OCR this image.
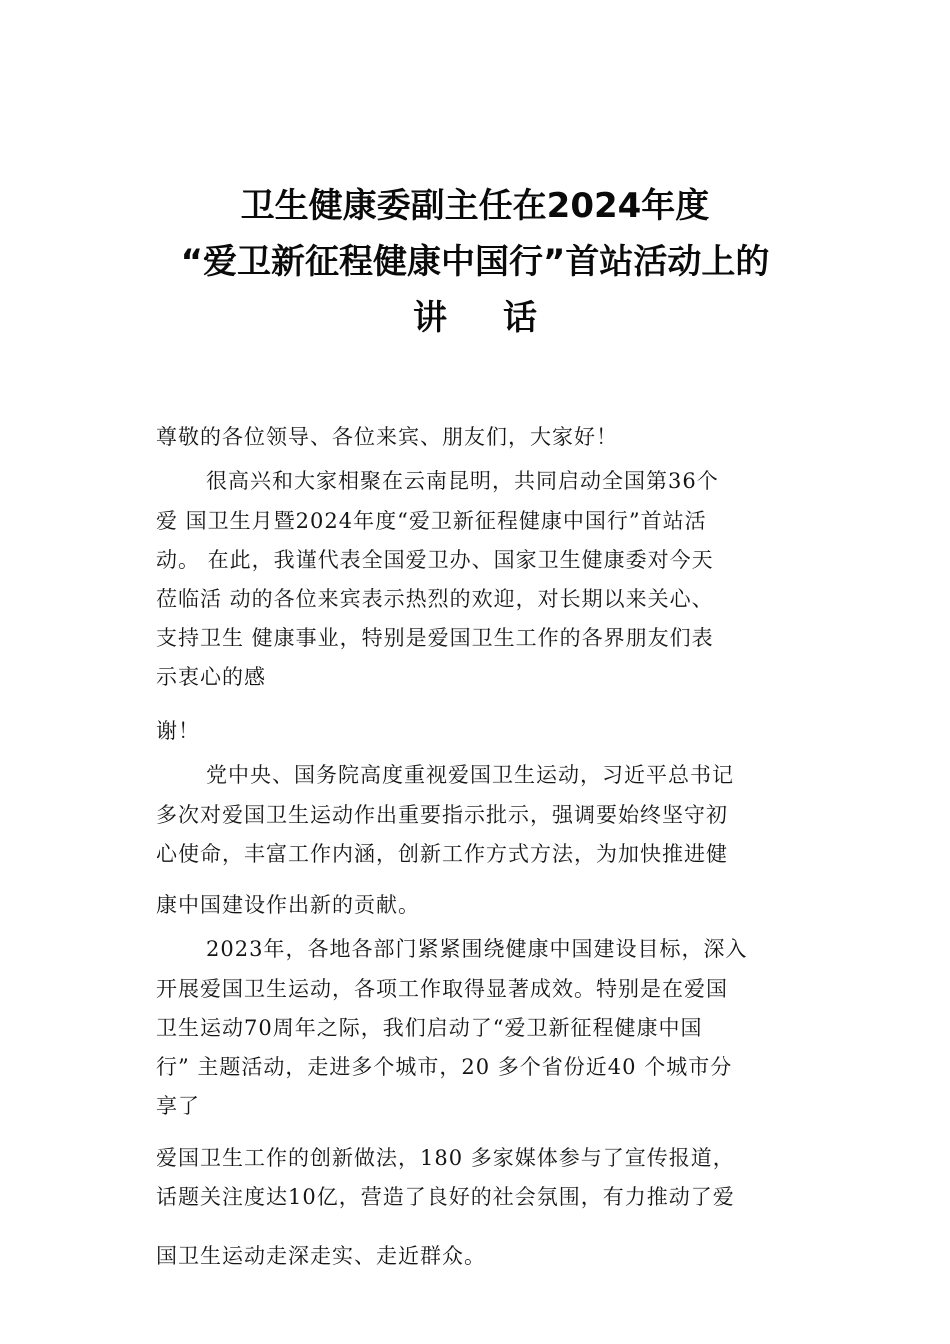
卫生健康委副主任在2024年度
“爱卫新征程健康中国行”首站活动上的
讲话
尊敬的各位领导、各位来宾、朋友们，大家好！
很高兴和大家相聚在云南昆明，共同启动全国第36个
爱 国卫生月暨2024年度“爱卫新征程健康中国行”首站活
动。 在此，我谨代表全国爱卫办、国家卫生健康委对今天
莅临活 动的各位来宾表示热烈的欢迎，对长期以来关心、
支持卫生 健康事业，特别是爱国卫生工作的各界朋友们表
示衷心的感
谢！
党中央、国务院高度重视爱国卫生运动，习近平总书记
多次对爱国卫生运动作出重要指示批示，强调要始终坚守初
心使命，丰富工作内涵，创新工作方式方法，为加快推进健
康中国建设作出新的贡献。
2023年，各地各部门紧紧围绕健康中国建设目标，深入
开展爱国卫生运动，各项工作取得显著成效。特别是在爱国
卫生运动70周年之际，我们启动了“爱卫新征程健康中国
行” 主题活动，走进多个城市，20 多个省份近40 个城市分
享了
爱国卫生工作的创新做法，180 多家媒体参与了宣传报道，
话题关注度达10亿，营造了良好的社会氛围，有力推动了爱
国卫生运动走深走实、走近群众。
